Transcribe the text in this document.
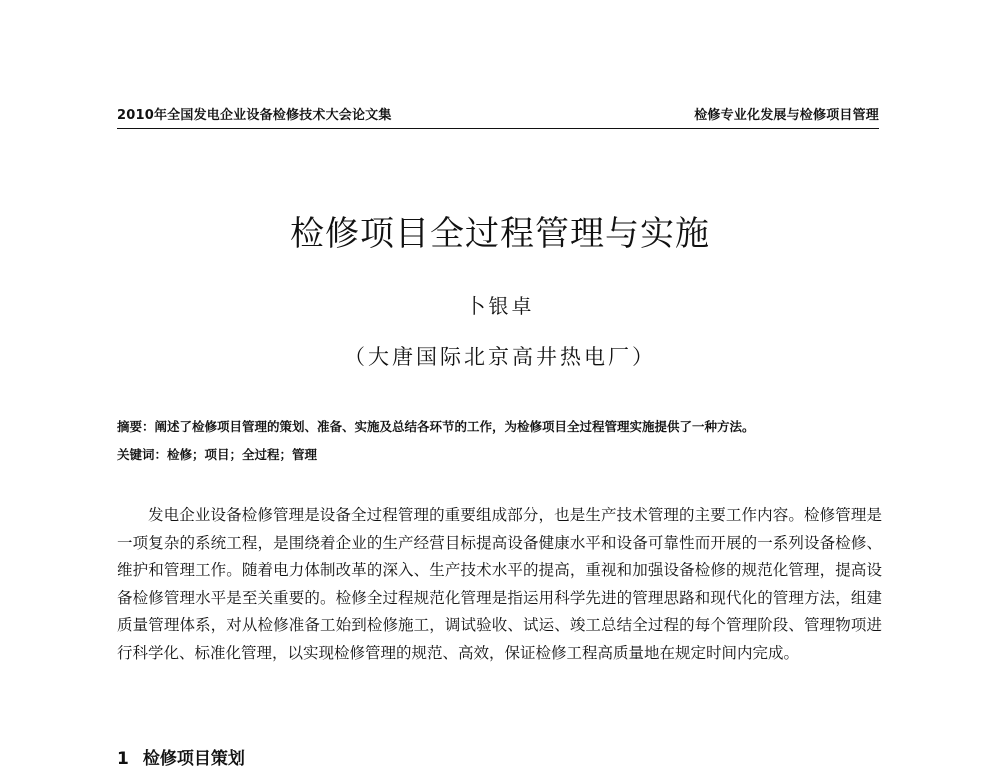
2010年全国发电企业设备检修技术大会论文集	检修专业化发展与检修项目管理
检修项目全过程管理与实施
卜银卓
（大唐国际北京高井热电厂）
摘要：阐述了检修项目管理的策划、准备、实施及总结各环节的工作，为检修项目全过程管理实施提供了一种方法。
关键词：检修；项目；全过程；管理
发电企业设备检修管理是设备全过程管理的重要组成部分，也是生产技术管理的主要工作内容。检修管理是一项复杂的系统工程，是围绕着企业的生产经营目标提高设备健康水平和设备可靠性而开展的一系列设备检修、维护和管理工作。随着电力体制改革的深入、生产技术水平的提高，重视和加强设备检修的规范化管理，提高设备检修管理水平是至关重要的。检修全过程规范化管理是指运用科学先进的管理思路和现代化的管理方法，组建质量管理体系，对从检修准备工始到检修施工，调试验收、试运、竣工总结全过程的每个管理阶段、管理物项进行科学化、标准化管理，以实现检修管理的规范、高效，保证检修工程高质量地在规定时间内完成。
1 检修项目策划
